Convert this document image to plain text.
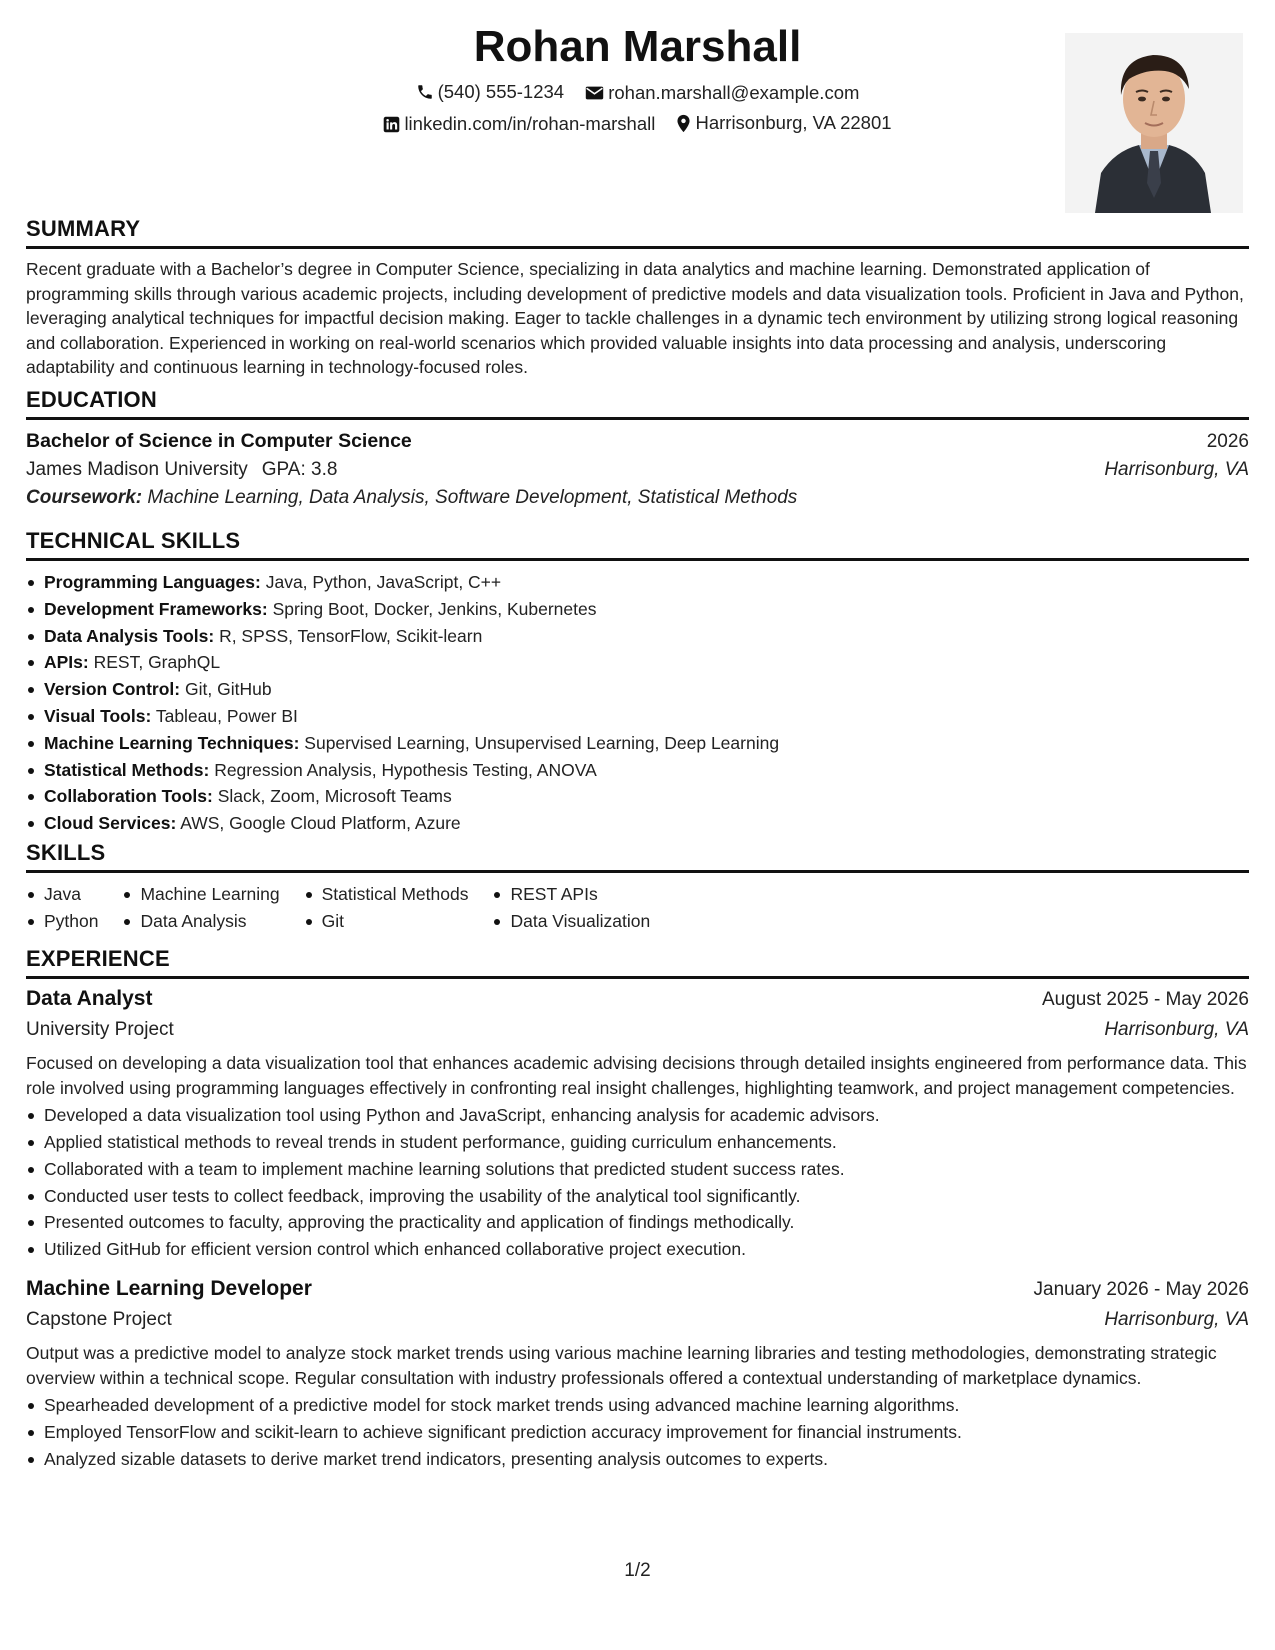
Rohan Marshall
(540) 555-1234
rohan.marshall@example.com
linkedin.com/in/rohan-marshall
Harrisonburg, VA 22801
SUMMARY
Recent graduate with a Bachelor’s degree in Computer Science, specializing in data analytics and machine learning. Demonstrated application of programming skills through various academic projects, including development of predictive models and data visualization tools. Proficient in Java and Python, leveraging analytical techniques for impactful decision making. Eager to tackle challenges in a dynamic tech environment by utilizing strong logical reasoning and collaboration. Experienced in working on real-world scenarios which provided valuable insights into data processing and analysis, underscoring adaptability and continuous learning in technology-focused roles.
EDUCATION
Bachelor of Science in Computer Science	2026
James Madison University GPA: 3.8	Harrisonburg, VA
Coursework: Machine Learning, Data Analysis, Software Development, Statistical Methods
TECHNICAL SKILLS
Programming Languages: Java, Python, JavaScript, C++
Development Frameworks: Spring Boot, Docker, Jenkins, Kubernetes
Data Analysis Tools: R, SPSS, TensorFlow, Scikit-learn
APIs: REST, GraphQL
Version Control: Git, GitHub
Visual Tools: Tableau, Power BI
Machine Learning Techniques: Supervised Learning, Unsupervised Learning, Deep Learning
Statistical Methods: Regression Analysis, Hypothesis Testing, ANOVA
Collaboration Tools: Slack, Zoom, Microsoft Teams
Cloud Services: AWS, Google Cloud Platform, Azure
SKILLS
Java
Python
Machine Learning
Data Analysis
Statistical Methods
Git
REST APIs
Data Visualization
EXPERIENCE
Data Analyst	August 2025 - May 2026
University Project	Harrisonburg, VA
Focused on developing a data visualization tool that enhances academic advising decisions through detailed insights engineered from performance data. This role involved using programming languages effectively in confronting real insight challenges, highlighting teamwork, and project management competencies.
Developed a data visualization tool using Python and JavaScript, enhancing analysis for academic advisors.
Applied statistical methods to reveal trends in student performance, guiding curriculum enhancements.
Collaborated with a team to implement machine learning solutions that predicted student success rates.
Conducted user tests to collect feedback, improving the usability of the analytical tool significantly.
Presented outcomes to faculty, approving the practicality and application of findings methodically.
Utilized GitHub for efficient version control which enhanced collaborative project execution.
Machine Learning Developer	January 2026 - May 2026
Capstone Project	Harrisonburg, VA
Output was a predictive model to analyze stock market trends using various machine learning libraries and testing methodologies, demonstrating strategic overview within a technical scope. Regular consultation with industry professionals offered a contextual understanding of marketplace dynamics.
Spearheaded development of a predictive model for stock market trends using advanced machine learning algorithms.
Employed TensorFlow and scikit-learn to achieve significant prediction accuracy improvement for financial instruments.
Analyzed sizable datasets to derive market trend indicators, presenting analysis outcomes to experts.
1/2
